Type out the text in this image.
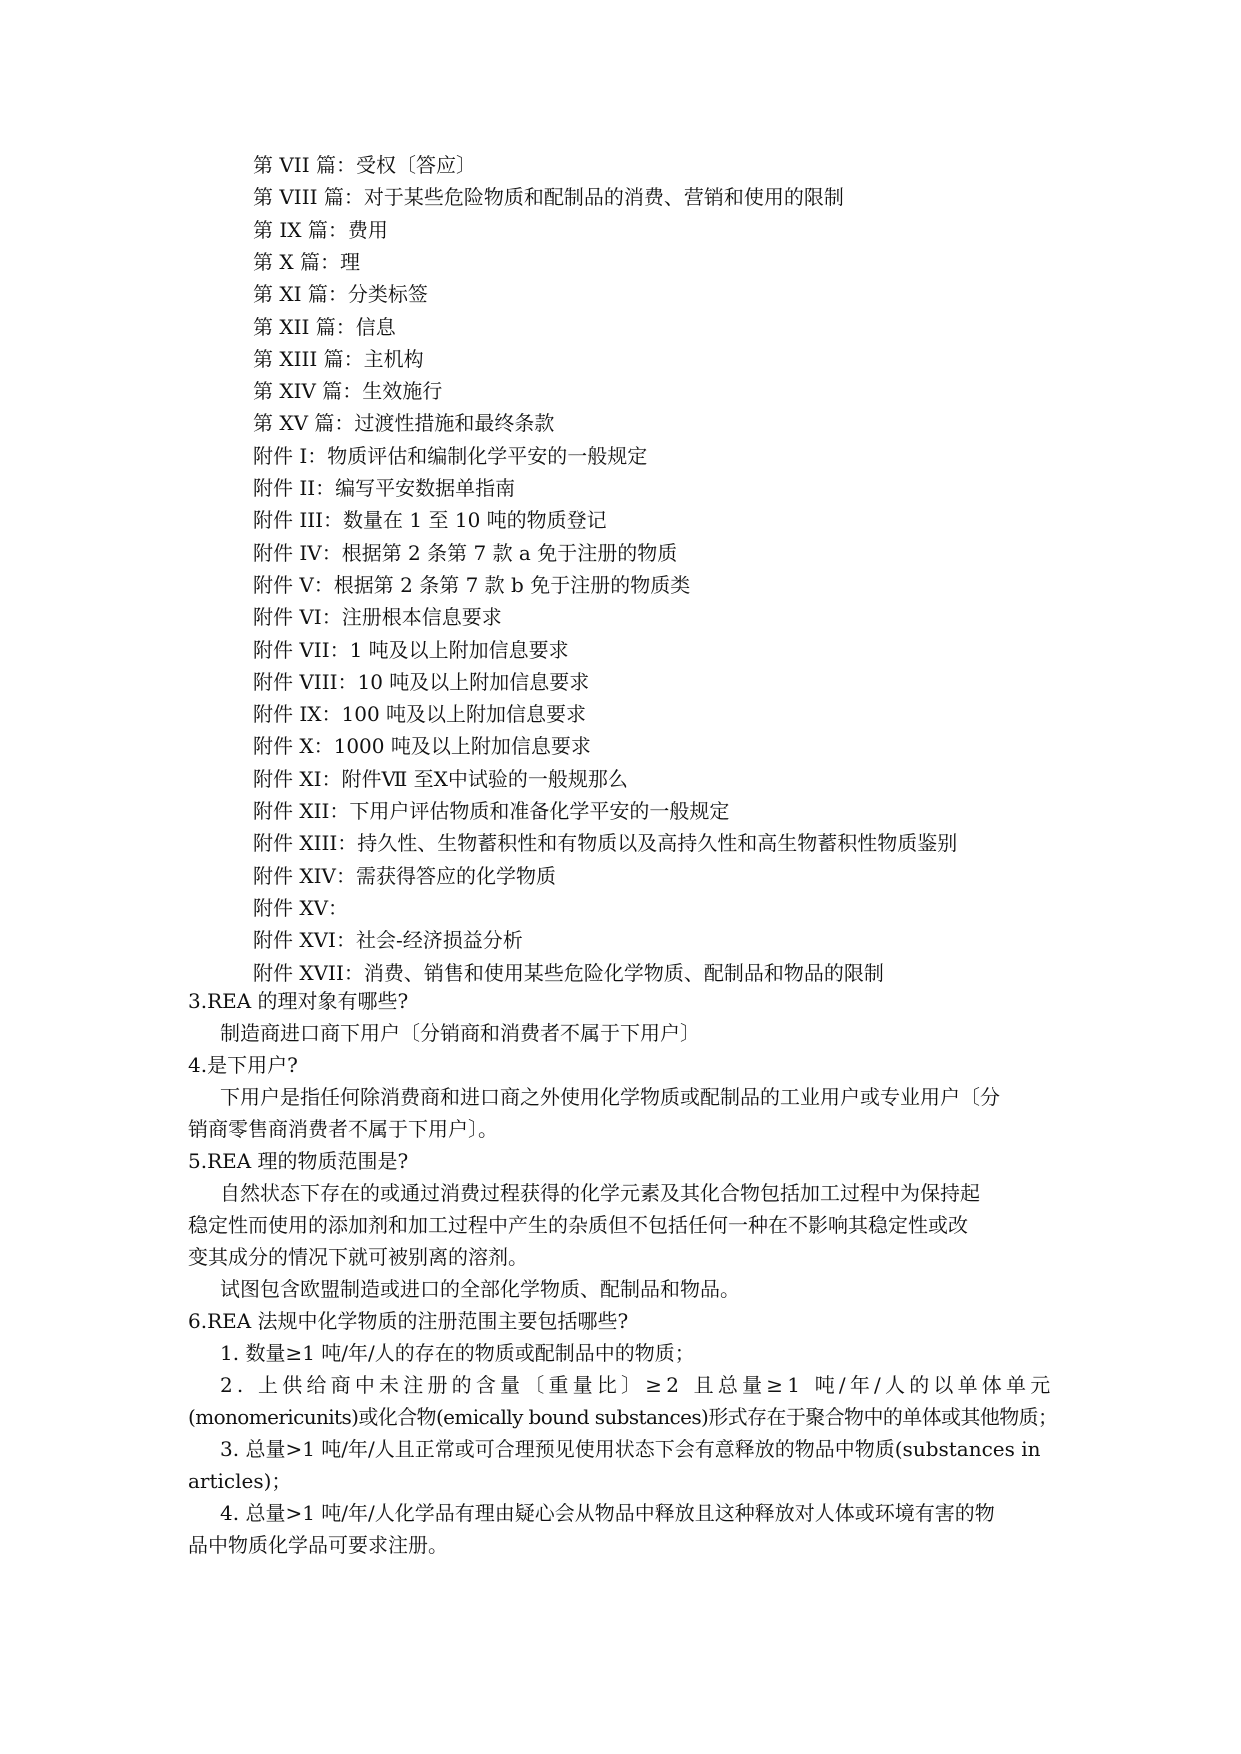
第 VII 篇：受权〔答应〕
第 VIII 篇：对于某些危险物质和配制品的消费、营销和使用的限制
第 IX 篇：费用
第 X 篇：理
第 XI 篇：分类标签
第 XII 篇：信息
第 XIII 篇：主机构
第 XIV 篇：生效施行
第 XV 篇：过渡性措施和最终条款
附件 I：物质评估和编制化学平安的一般规定
附件 II：编写平安数据单指南
附件 III：数量在 1 至 10 吨的物质登记
附件 IV：根据第 2 条第 7 款 a 免于注册的物质
附件 V：根据第 2 条第 7 款 b 免于注册的物质类
附件 VI：注册根本信息要求
附件 VII：1 吨及以上附加信息要求
附件 VIII：10 吨及以上附加信息要求
附件 IX：100 吨及以上附加信息要求
附件 X：1000 吨及以上附加信息要求
附件 XI：附件Ⅶ 至Ⅹ中试验的一般规那么
附件 XII：下用户评估物质和准备化学平安的一般规定
附件 XIII：持久性、生物蓄积性和有物质以及高持久性和高生物蓄积性物质鉴别
附件 XIV：需获得答应的化学物质
附件 XV：
附件 XVI：社会-经济损益分析
附件 XVII：消费、销售和使用某些危险化学物质、配制品和物品的限制
3.REA 的理对象有哪些?
制造商进口商下用户〔分销商和消费者不属于下用户〕
4.是下用户?
下用户是指任何除消费商和进口商之外使用化学物质或配制品的工业用户或专业用户〔分
销商零售商消费者不属于下用户〕。
5.REA 理的物质范围是?
自然状态下存在的或通过消费过程获得的化学元素及其化合物包括加工过程中为保持起
稳定性而使用的添加剂和加工过程中产生的杂质但不包括任何一种在不影响其稳定性或改
变其成分的情况下就可被别离的溶剂。
试图包含欧盟制造或进口的全部化学物质、配制品和物品。
6.REA 法规中化学物质的注册范围主要包括哪些?
1. 数量≥1 吨/年/人的存在的物质或配制品中的物质；
2. 上供给商中未注册的含量〔重量比〕≥2 且总量≥1 吨/年/人的以单体单元
(monomericunits)或化合物(emically bound substances)形式存在于聚合物中的单体或其他物质；
3. 总量>1 吨/年/人且正常或可合理预见使用状态下会有意释放的物品中物质(substances in
articles)；
4. 总量>1 吨/年/人化学品有理由疑心会从物品中释放且这种释放对人体或环境有害的物
品中物质化学品可要求注册。
